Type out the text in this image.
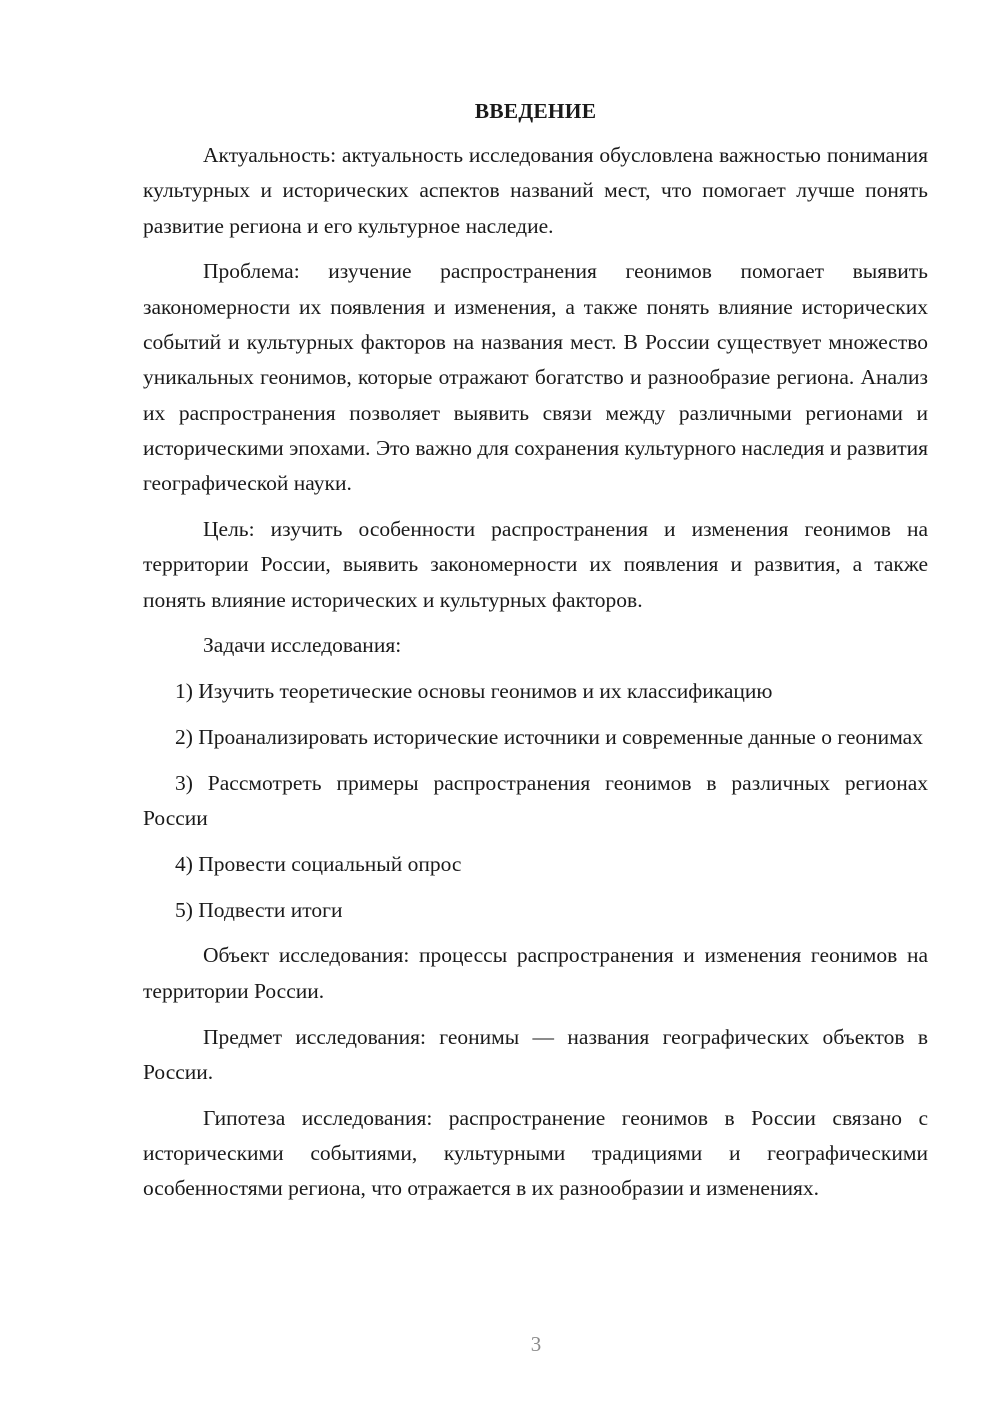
ВВЕДЕНИЕ

Актуальность: актуальность исследования обусловлена важностью понимания культурных и исторических аспектов названий мест, что помогает лучше понять развитие региона и его культурное наследие.

Проблема: изучение распространения геонимов помогает выявить закономерности их появления и изменения, а также понять влияние исторических событий и культурных факторов на названия мест. В России существует множество уникальных геонимов, которые отражают богатство и разнообразие региона. Анализ их распространения позволяет выявить связи между различными регионами и историческими эпохами. Это важно для сохранения культурного наследия и развития географической науки.

Цель: изучить особенности распространения и изменения геонимов на территории России, выявить закономерности их появления и развития, а также понять влияние исторических и культурных факторов.

Задачи исследования:

1) Изучить теоретические основы геонимов и их классификацию

2) Проанализировать исторические источники и современные данные о геонимах

3) Рассмотреть примеры распространения геонимов в различных регионах России

4) Провести социальный опрос

5) Подвести итоги

Объект исследования: процессы распространения и изменения геонимов на территории России.

Предмет исследования: геонимы — названия географических объектов в России.

Гипотеза исследования: распространение геонимов в России связано с историческими событиями, культурными традициями и географическими особенностями региона, что отражается в их разнообразии и изменениях.

3
